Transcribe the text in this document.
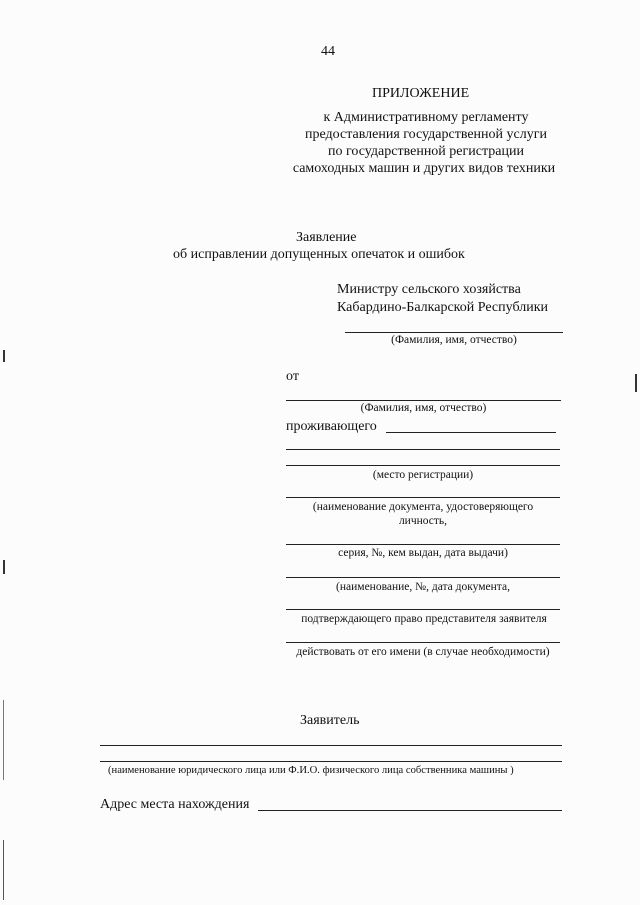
44
ПРИЛОЖЕНИЕ
к Административному регламенту
предоставления государственной услуги
по государственной регистрации
самоходных машин и других видов техники
Заявление
об исправлении допущенных опечаток и ошибок
Министру сельского хозяйства
Кабардино-Балкарской Республики
(Фамилия, имя, отчество)
от
(Фамилия, имя, отчество)
проживающего
(место регистрации)
(наименование документа, удостоверяющего
личность,
серия, №, кем выдан, дата выдачи)
(наименование, №, дата документа,
подтверждающего право представителя заявителя
действовать от его имени (в случае необходимости)
Заявитель
(наименование юридического лица или Ф.И.О. физического лица собственника машины )
Адрес места нахождения
